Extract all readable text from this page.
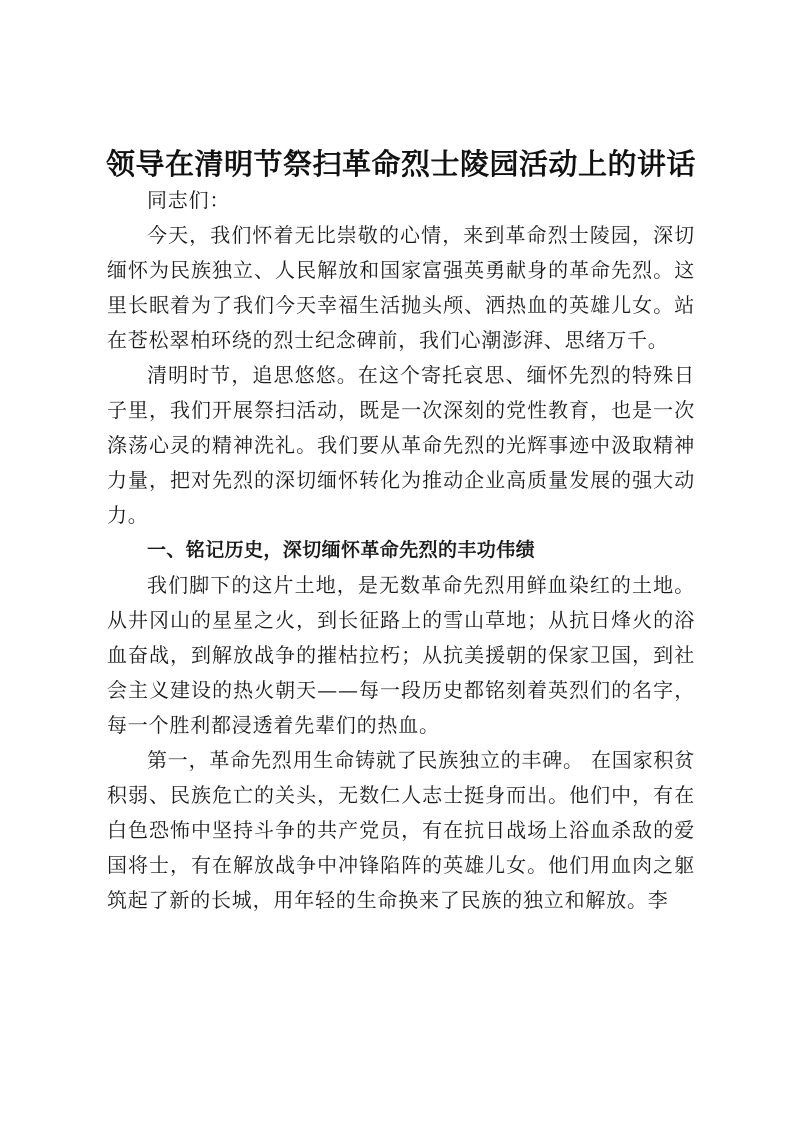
领导在清明节祭扫革命烈士陵园活动上的讲话

同志们：

今天，我们怀着无比崇敬的心情，来到革命烈士陵园，深切缅怀为民族独立、人民解放和国家富强英勇献身的革命先烈。这里长眠着为了我们今天幸福生活抛头颅、洒热血的英雄儿女。站在苍松翠柏环绕的烈士纪念碑前，我们心潮澎湃、思绪万千。

清明时节，追思悠悠。在这个寄托哀思、缅怀先烈的特殊日子里，我们开展祭扫活动，既是一次深刻的党性教育，也是一次涤荡心灵的精神洗礼。我们要从革命先烈的光辉事迹中汲取精神力量，把对先烈的深切缅怀转化为推动企业高质量发展的强大动力。

一、铭记历史，深切缅怀革命先烈的丰功伟绩

我们脚下的这片土地，是无数革命先烈用鲜血染红的土地。从井冈山的星星之火，到长征路上的雪山草地；从抗日烽火的浴血奋战，到解放战争的摧枯拉朽；从抗美援朝的保家卫国，到社会主义建设的热火朝天——每一段历史都铭刻着英烈们的名字，每一个胜利都浸透着先辈们的热血。

第一，革命先烈用生命铸就了民族独立的丰碑。 在国家积贫积弱、民族危亡的关头，无数仁人志士挺身而出。他们中，有在白色恐怖中坚持斗争的共产党员，有在抗日战场上浴血杀敌的爱国将士，有在解放战争中冲锋陷阵的英雄儿女。他们用血肉之躯筑起了新的长城，用年轻的生命换来了民族的独立和解放。李
